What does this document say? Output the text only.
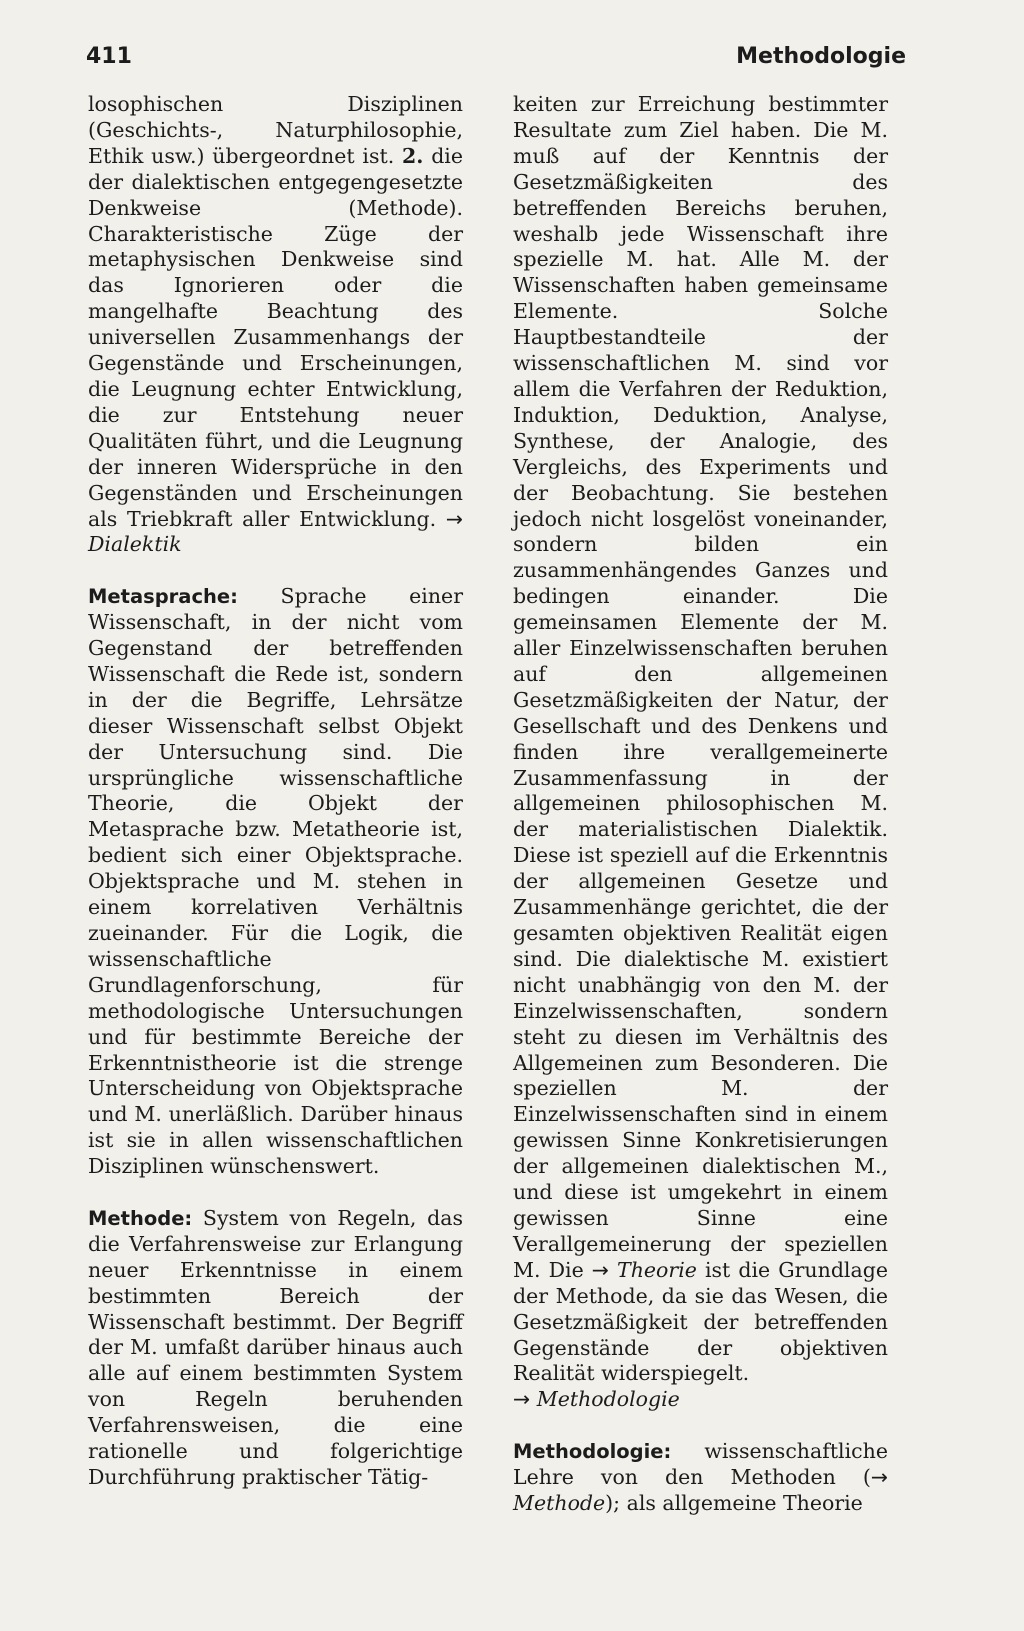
411	Methodologie

losophischen Disziplinen (Geschichts-, Naturphilosophie, Ethik usw.) übergeordnet ist. 2. die der dialektischen entgegengesetzte Denkweise (Methode). Charakteristische Züge der metaphysischen Denkweise sind das Ignorieren oder die mangelhafte Beachtung des universellen Zusammenhangs der Gegenstände und Erscheinungen, die Leugnung echter Entwicklung, die zur Entstehung neuer Qualitäten führt, und die Leugnung der inneren Widersprüche in den Gegenständen und Erscheinungen als Triebkraft aller Entwicklung. → Dialektik

Metasprache: Sprache einer Wissenschaft, in der nicht vom Gegenstand der betreffenden Wissenschaft die Rede ist, sondern in der die Begriffe, Lehrsätze dieser Wissenschaft selbst Objekt der Untersuchung sind. Die ursprüngliche wissenschaftliche Theorie, die Objekt der Metasprache bzw. Metatheorie ist, bedient sich einer Objektsprache. Objektsprache und M. stehen in einem korrelativen Verhältnis zueinander. Für die Logik, die wissenschaftliche Grundlagenforschung, für methodologische Untersuchungen und für bestimmte Bereiche der Erkenntnistheorie ist die strenge Unterscheidung von Objektsprache und M. unerläßlich. Darüber hinaus ist sie in allen wissenschaftlichen Disziplinen wünschenswert.

Methode: System von Regeln, das die Verfahrensweise zur Erlangung neuer Erkenntnisse in einem bestimmten Bereich der Wissenschaft bestimmt. Der Begriff der M. umfaßt darüber hinaus auch alle auf einem bestimmten System von Regeln beruhenden Verfahrensweisen, die eine rationelle und folgerichtige Durchführung praktischer Tätig-

keiten zur Erreichung bestimmter Resultate zum Ziel haben. Die M. muß auf der Kenntnis der Gesetzmäßigkeiten des betreffenden Bereichs beruhen, weshalb jede Wissenschaft ihre spezielle M. hat. Alle M. der Wissenschaften haben gemeinsame Elemente. Solche Hauptbestandteile der wissenschaftlichen M. sind vor allem die Verfahren der Reduktion, Induktion, Deduktion, Analyse, Synthese, der Analogie, des Vergleichs, des Experiments und der Beobachtung. Sie bestehen jedoch nicht losgelöst voneinander, sondern bilden ein zusammenhängendes Ganzes und bedingen einander. Die gemeinsamen Elemente der M. aller Einzelwissenschaften beruhen auf den allgemeinen Gesetzmäßigkeiten der Natur, der Gesellschaft und des Denkens und finden ihre verallgemeinerte Zusammenfassung in der allgemeinen philosophischen M. der materialistischen Dialektik. Diese ist speziell auf die Erkenntnis der allgemeinen Gesetze und Zusammenhänge gerichtet, die der gesamten objektiven Realität eigen sind. Die dialektische M. existiert nicht unabhängig von den M. der Einzelwissenschaften, sondern steht zu diesen im Verhältnis des Allgemeinen zum Besonderen. Die speziellen M. der Einzelwissenschaften sind in einem gewissen Sinne Konkretisierungen der allgemeinen dialektischen M., und diese ist umgekehrt in einem gewissen Sinne eine Verallgemeinerung der speziellen M. Die → Theorie ist die Grundlage der Methode, da sie das Wesen, die Gesetzmäßigkeit der betreffenden Gegenstände der objektiven Realität widerspiegelt.
→ Methodologie

Methodologie: wissenschaftliche Lehre von den Methoden (→ Methode); als allgemeine Theorie
